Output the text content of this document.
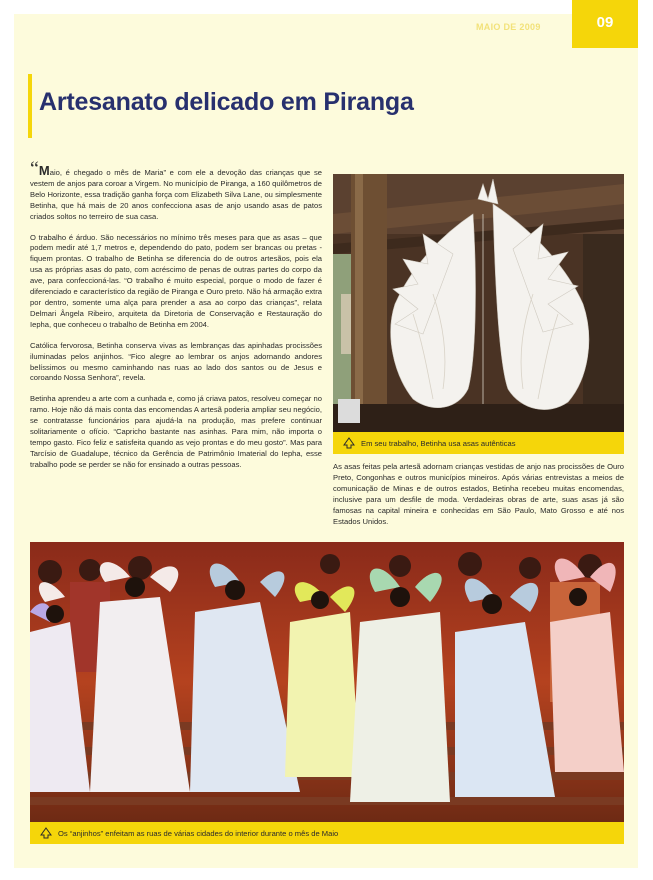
MAIO DE 2009	09
Artesanato delicado em Piranga

“Maio, é chegado o mês de Maria” e com ele a devoção das crianças que se vestem de anjos para coroar a Virgem. No município de Piranga, a 160 quilômetros de Belo Horizonte, essa tradição ganha força com Elizabeth Silva Lane, ou simplesmente Betinha, que há mais de 20 anos confecciona asas de anjo usando asas de patos criados soltos no terreiro de sua casa.

O trabalho é árduo. São necessários no mínimo três meses para que as asas – que podem medir até 1,7 metros e, dependendo do pato, podem ser brancas ou pretas - fiquem prontas. O trabalho de Betinha se diferencia do de outros artesãos, pois ela usa as próprias asas do pato, com acréscimo de penas de outras partes do corpo da ave, para confeccioná-las. “O trabalho é muito especial, porque o modo de fazer é diferenciado e característico da região de Piranga e Ouro preto. Não há armação extra por dentro, somente uma alça para prender a asa ao corpo das crianças”, relata Delmari Ângela Ribeiro, arquiteta da Diretoria de Conservação e Restauração do Iepha, que conheceu o trabalho de Betinha em 2004.

Católica fervorosa, Betinha conserva vivas as lembranças das apinhadas procissões iluminadas pelos anjinhos. “Fico alegre ao lembrar os anjos adornando andores belíssimos ou mesmo caminhando nas ruas ao lado dos santos ou de Jesus e coroando Nossa Senhora”, revela.

Betinha aprendeu a arte com a cunhada e, como já criava patos, resolveu começar no ramo. Hoje não dá mais conta das encomendas A artesã poderia ampliar seu negócio, se contratasse funcionários para ajudá-la na produção, mas prefere continuar solitariamente o ofício. “Capricho bastante nas asinhas. Para mim, não importa o tempo gasto. Fico feliz e satisfeita quando as vejo prontas e do meu gosto”. Mas para Tarcísio de Guadalupe, técnico da Gerência de Patrimônio Imaterial do Iepha, esse trabalho pode se perder se não for ensinado a outras pessoas.

Em seu trabalho, Betinha usa asas autênticas

As asas feitas pela artesã adornam crianças vestidas de anjo nas procissões de Ouro Preto, Congonhas e outros municípios mineiros. Após várias entrevistas a meios de comunicação de Minas e de outros estados, Betinha recebeu muitas encomendas, inclusive para um desfile de moda. Verdadeiras obras de arte, suas asas já são famosas na capital mineira e conhecidas em São Paulo, Mato Grosso e até nos Estados Unidos.

Os “anjinhos” enfeitam as ruas de várias cidades do interior durante o mês de Maio
